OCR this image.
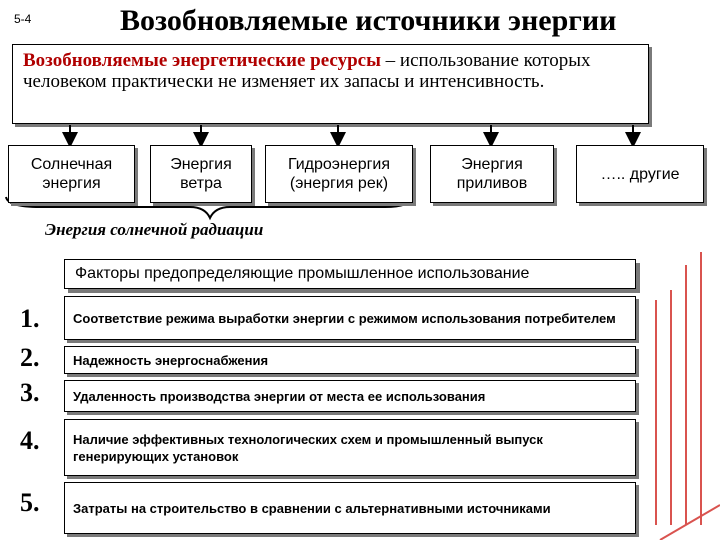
5-4	Возобновляемые источники энергии
Возобновляемые энергетические ресурсы – использование которых человеком практически не изменяет их запасы и интенсивность.
Солнечная
энергия
Энергия
ветра
Гидроэнергия
(энергия рек)
Энергия
приливов
….. другие
Энергия солнечной радиации
Факторы предопределяющие промышленное использование
1.
2.
3.
4.
5.
Соответствие режима выработки энергии с режимом использования потребителем
Надежность энергоснабжения
Удаленность производства энергии от места ее использования
Наличие эффективных технологических схем и промышленный выпуск генерирующих установок
Затраты на строительство в сравнении с альтернативными источниками
